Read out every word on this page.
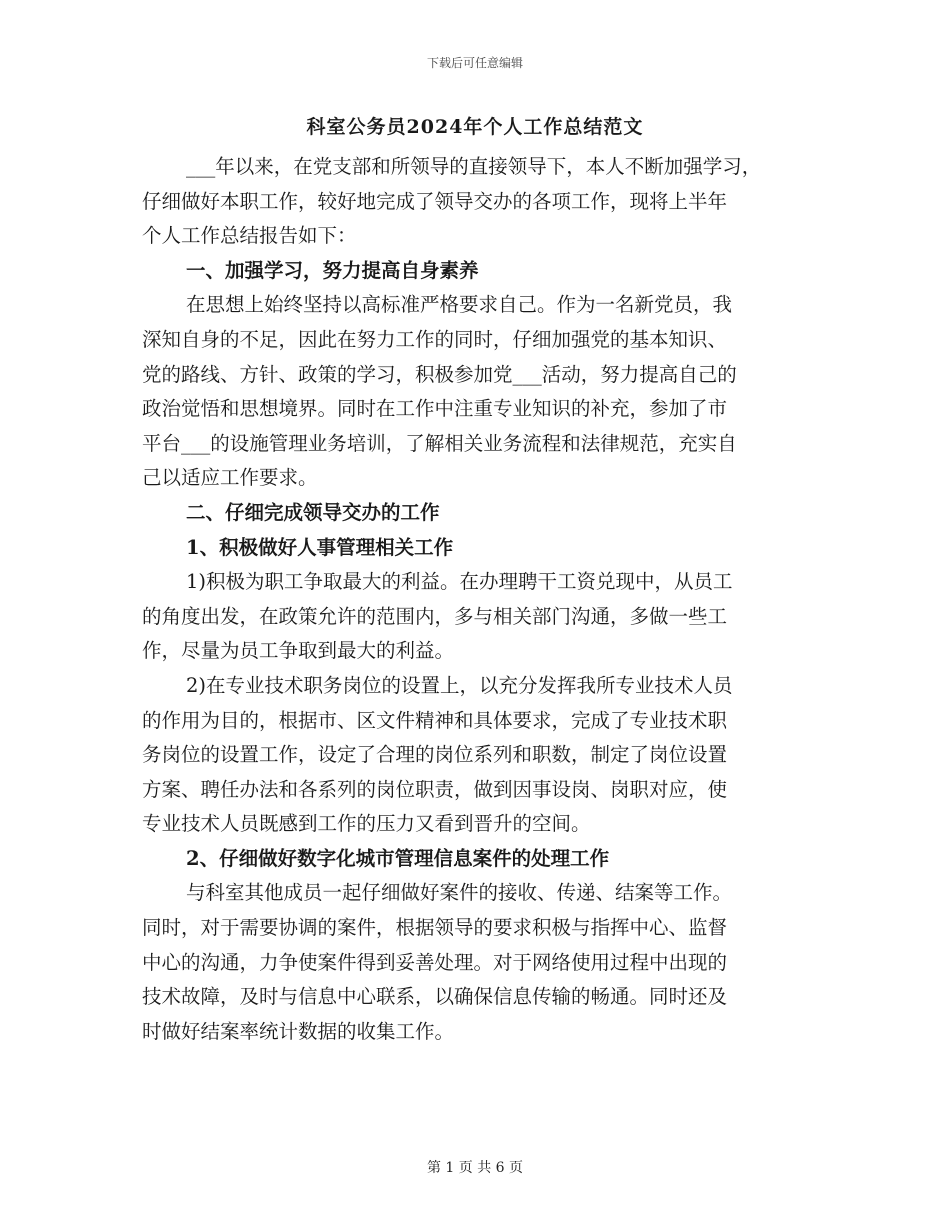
下载后可任意编辑
科室公务员2024年个人工作总结范文
___年以来，在党支部和所领导的直接领导下，本人不断加强学习，
仔细做好本职工作，较好地完成了领导交办的各项工作，现将上半年
个人工作总结报告如下：
一、加强学习，努力提高自身素养
在思想上始终坚持以高标准严格要求自己。作为一名新党员，我
深知自身的不足，因此在努力工作的同时，仔细加强党的基本知识、
党的路线、方针、政策的学习，积极参加党___活动，努力提高自己的
政治觉悟和思想境界。同时在工作中注重专业知识的补充，参加了市
平台___的设施管理业务培训，了解相关业务流程和法律规范，充实自
己以适应工作要求。
二、仔细完成领导交办的工作
1、积极做好人事管理相关工作
1)积极为职工争取最大的利益。在办理聘干工资兑现中，从员工
的角度出发，在政策允许的范围内，多与相关部门沟通，多做一些工
作，尽量为员工争取到最大的利益。
2)在专业技术职务岗位的设置上，以充分发挥我所专业技术人员
的作用为目的，根据市、区文件精神和具体要求，完成了专业技术职
务岗位的设置工作，设定了合理的岗位系列和职数，制定了岗位设置
方案、聘任办法和各系列的岗位职责，做到因事设岗、岗职对应，使
专业技术人员既感到工作的压力又看到晋升的空间。
2、仔细做好数字化城市管理信息案件的处理工作
与科室其他成员一起仔细做好案件的接收、传递、结案等工作。
同时，对于需要协调的案件，根据领导的要求积极与指挥中心、监督
中心的沟通，力争使案件得到妥善处理。对于网络使用过程中出现的
技术故障，及时与信息中心联系，以确保信息传输的畅通。同时还及
时做好结案率统计数据的收集工作。
第 1 页 共 6 页
